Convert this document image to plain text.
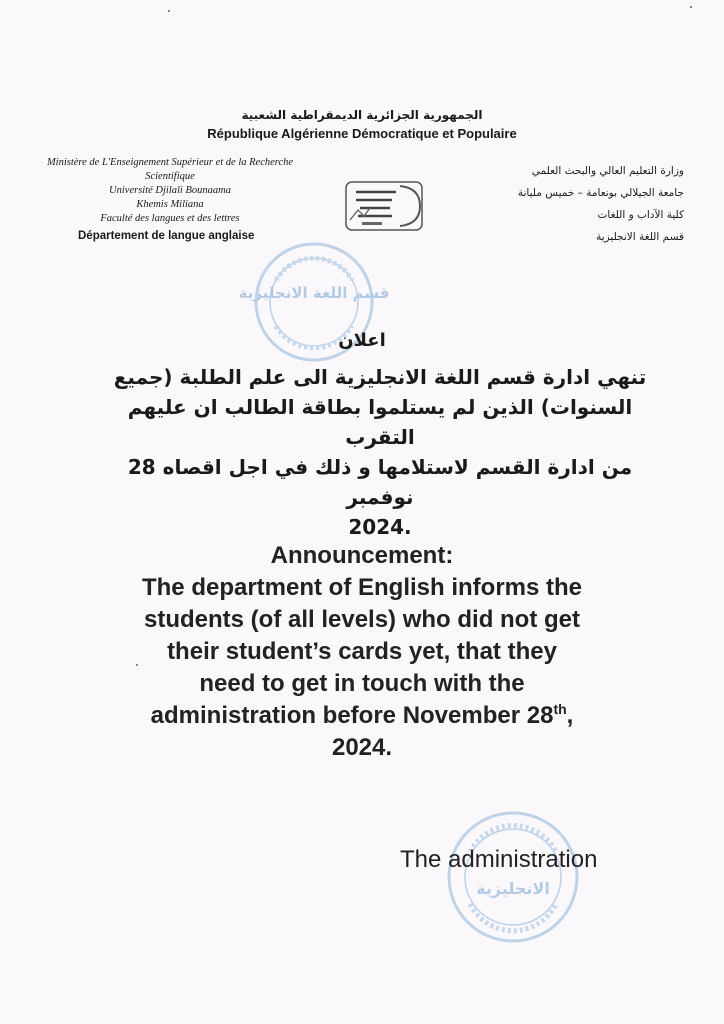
الجمهورية الجزائرية الديمقراطية الشعبية
République Algérienne Démocratique et Populaire
Ministère de L'Enseignement Supérieur et de la Recherche Scientifique
Université Djilali Bounaama
Khemis Miliana
Faculté des langues et des lettres
Département de langue anglaise
وزارة التعليم العالي والبحث العلمي
جامعة الجيلالي بونعامة – خميس مليانة
كلية الآداب و اللغات
قسم اللغة الانجليزية
قسم اللغة الانجليزية
الانجليزية
اعلان
تنهي ادارة قسم اللغة الانجليزية الى علم الطلبة (جميع
السنوات) الذين لم يستلموا بطاقة الطالب ان عليهم التقرب
من ادارة القسم لاستلامها و ذلك في اجل اقصاه 28 نوفمبر
.2024
Announcement:
The department of English informs the
students (of all levels) who did not get
their student’s cards yet, that they
need to get in touch with the
administration before November 28th,
2024.
The administration
